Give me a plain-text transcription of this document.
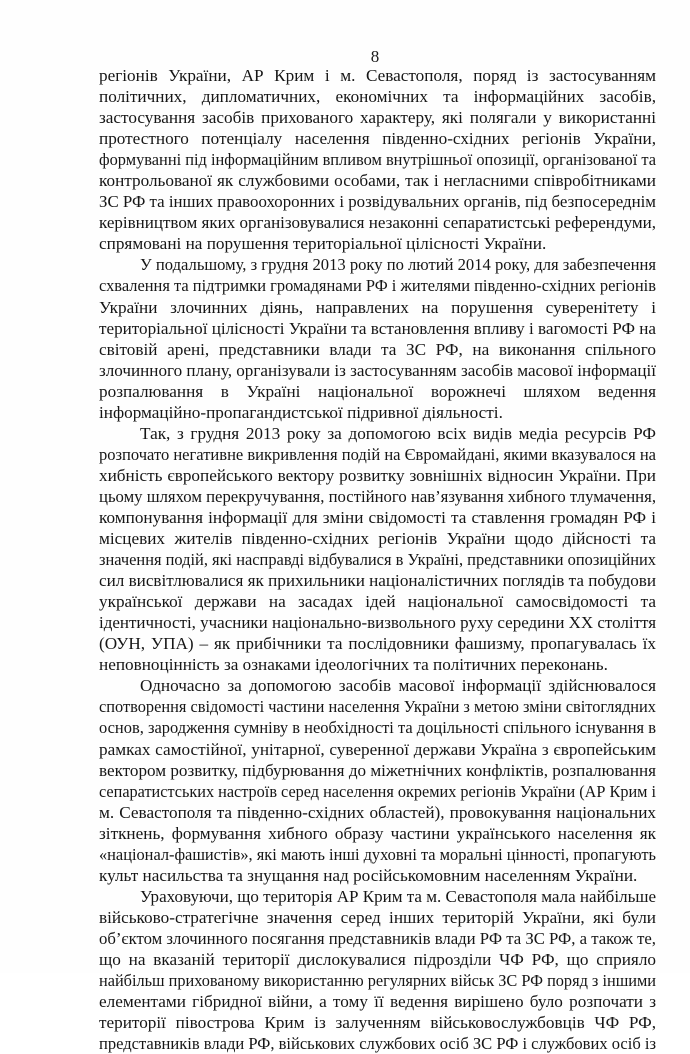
8
регіонів України, АР Крим і м. Севастополя, поряд із застосуванням
політичних, дипломатичних, економічних та інформаційних засобів,
застосування засобів прихованого характеру, які полягали у використанні
протестного потенціалу населення південно-східних регіонів України,
формуванні під інформаційним впливом внутрішньої опозиції, організованої та
контрольованої як службовими особами, так і негласними співробітниками
ЗС РФ та інших правоохоронних і розвідувальних органів, під безпосереднім
керівництвом яких організовувалися незаконні сепаратистські референдуми,
спрямовані на порушення територіальної цілісності України.
У подальшому, з грудня 2013 року по лютий 2014 року, для забезпечення
схвалення та підтримки громадянами РФ і жителями південно-східних регіонів
України злочинних діянь, направлених на порушення суверенітету і
територіальної цілісності України та встановлення впливу і вагомості РФ на
світовій арені, представники влади та ЗС РФ, на виконання спільного
злочинного плану, організували із застосуванням засобів масової інформації
розпалювання в Україні національної ворожнечі шляхом ведення
інформаційно-пропагандистської підривної діяльності.
Так, з грудня 2013 року за допомогою всіх видів медіа ресурсів РФ
розпочато негативне викривлення подій на Євромайдані, якими вказувалося на
хибність європейського вектору розвитку зовнішніх відносин України. При
цьому шляхом перекручування, постійного нав’язування хибного тлумачення,
компонування інформації для зміни свідомості та ставлення громадян РФ і
місцевих жителів південно-східних регіонів України щодо дійсності та
значення подій, які насправді відбувалися в Україні, представники опозиційних
сил висвітлювалися як прихильники націоналістичних поглядів та побудови
української держави на засадах ідей національної самосвідомості та
ідентичності, учасники національно-визвольного руху середини XX століття
(ОУН, УПА) – як прибічники та послідовники фашизму, пропагувалась їх
неповноцінність за ознаками ідеологічних та політичних переконань.
Одночасно за допомогою засобів масової інформації здійснювалося
спотворення свідомості частини населення України з метою зміни світоглядних
основ, зародження сумніву в необхідності та доцільності спільного існування в
рамках самостійної, унітарної, суверенної держави Україна з європейським
вектором розвитку, підбурювання до міжетнічних конфліктів, розпалювання
сепаратистських настроїв серед населення окремих регіонів України (АР Крим і
м. Севастополя та південно-східних областей), провокування національних
зіткнень, формування хибного образу частини українського населення як
«націонал-фашистів», які мають інші духовні та моральні цінності, пропагують
культ насильства та знущання над російськомовним населенням України.
Ураховуючи, що територія АР Крим та м. Севастополя мала найбільше
військово-стратегічне значення серед інших територій України, які були
об’єктом злочинного посягання представників влади РФ та ЗС РФ, а також те,
що на вказаній території дислокувалися підрозділи ЧФ РФ, що сприяло
найбільш прихованому використанню регулярних військ ЗС РФ поряд з іншими
елементами гібридної війни, а тому її ведення вирішено було розпочати з
території півострова Крим із залученням військовослужбовців ЧФ РФ,
представників влади РФ, військових службових осіб ЗС РФ і службових осіб із
